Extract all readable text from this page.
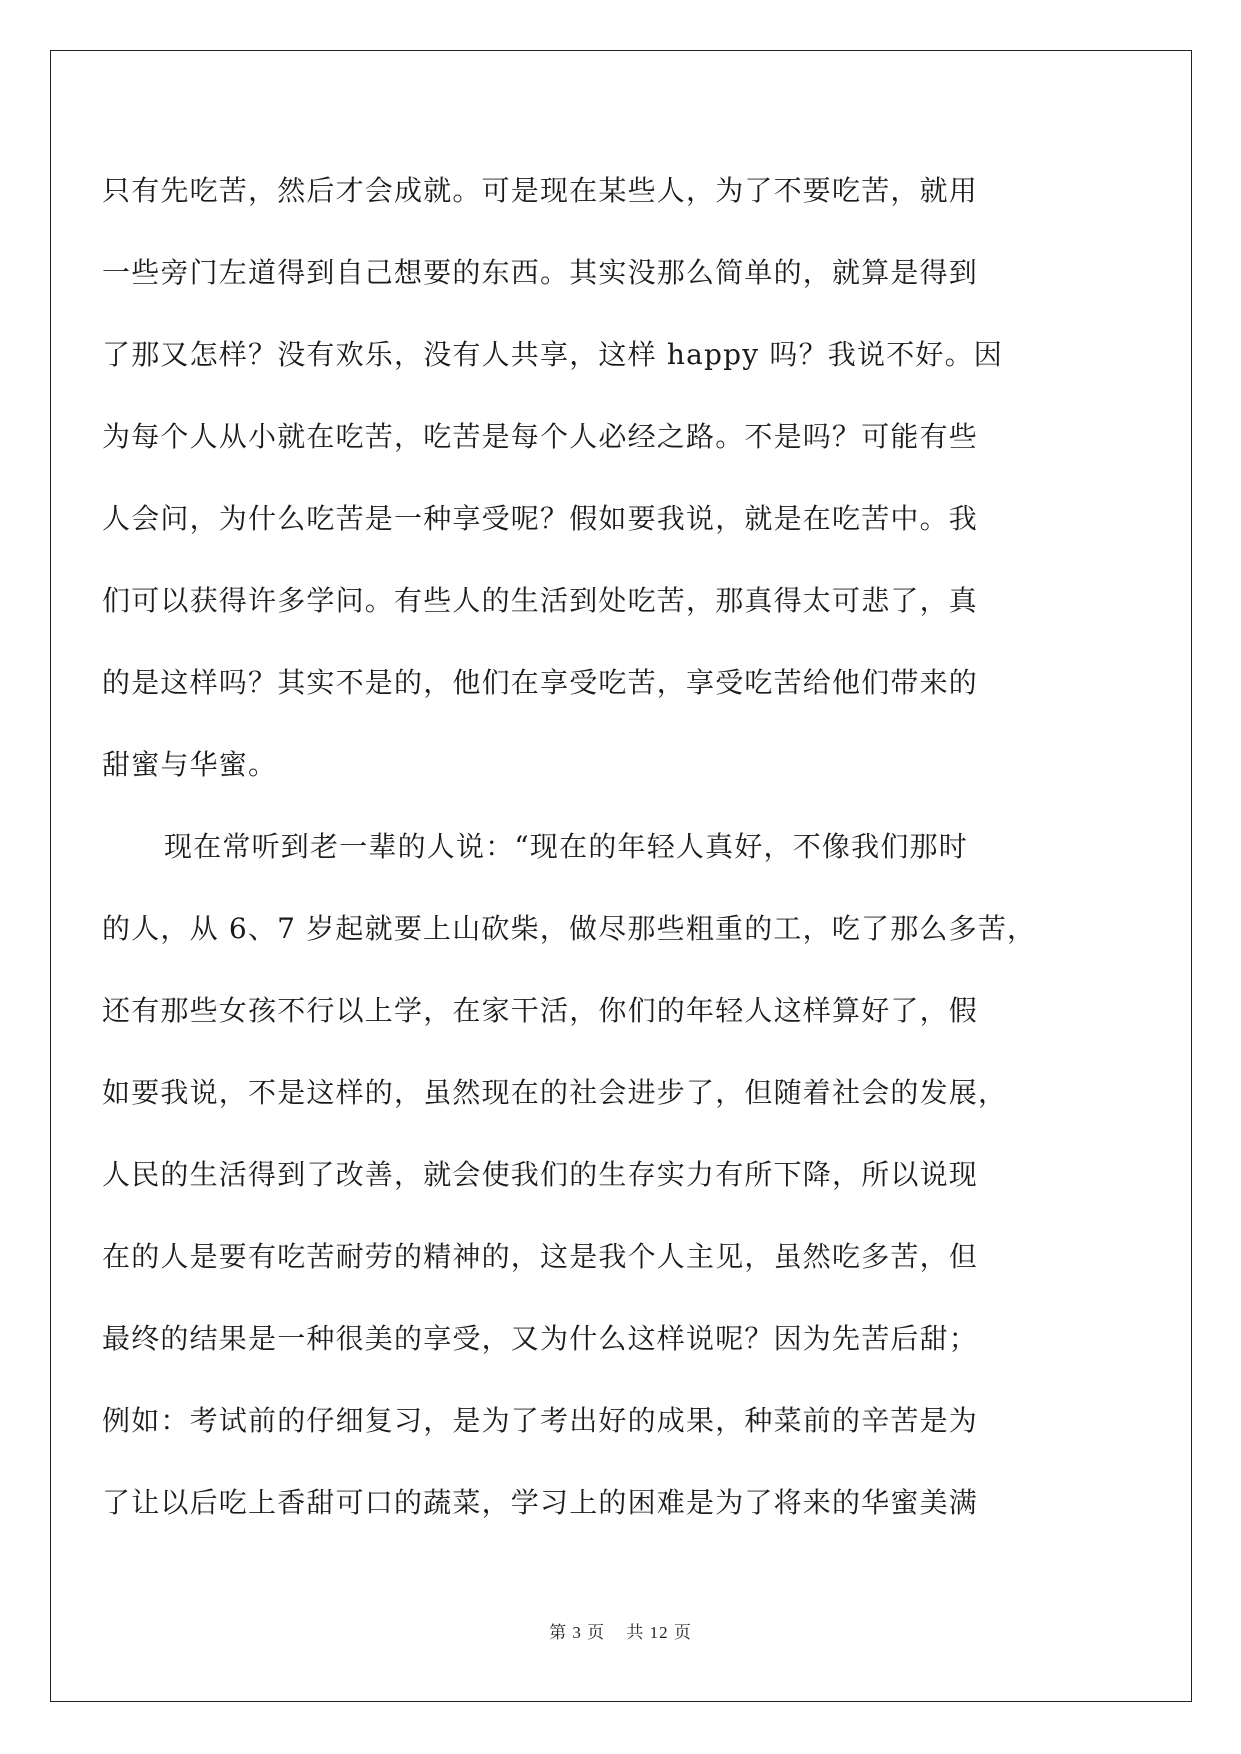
只有先吃苦，然后才会成就。可是现在某些人，为了不要吃苦，就用
一些旁门左道得到自己想要的东西。其实没那么简单的，就算是得到
了那又怎样？没有欢乐，没有人共享，这样 happy 吗？我说不好。因
为每个人从小就在吃苦，吃苦是每个人必经之路。不是吗？可能有些
人会问，为什么吃苦是一种享受呢？假如要我说，就是在吃苦中。我
们可以获得许多学问。有些人的生活到处吃苦，那真得太可悲了，真
的是这样吗？其实不是的，他们在享受吃苦，享受吃苦给他们带来的
甜蜜与华蜜。
现在常听到老一辈的人说：“现在的年轻人真好，不像我们那时
的人，从 6、7 岁起就要上山砍柴，做尽那些粗重的工，吃了那么多苦，
还有那些女孩不行以上学，在家干活，你们的年轻人这样算好了，假
如要我说，不是这样的，虽然现在的社会进步了，但随着社会的发展，
人民的生活得到了改善，就会使我们的生存实力有所下降，所以说现
在的人是要有吃苦耐劳的精神的，这是我个人主见，虽然吃多苦，但
最终的结果是一种很美的享受，又为什么这样说呢？因为先苦后甜；
例如：考试前的仔细复习，是为了考出好的成果，种菜前的辛苦是为
了让以后吃上香甜可口的蔬菜，学习上的困难是为了将来的华蜜美满
第 3 页 共 12 页
